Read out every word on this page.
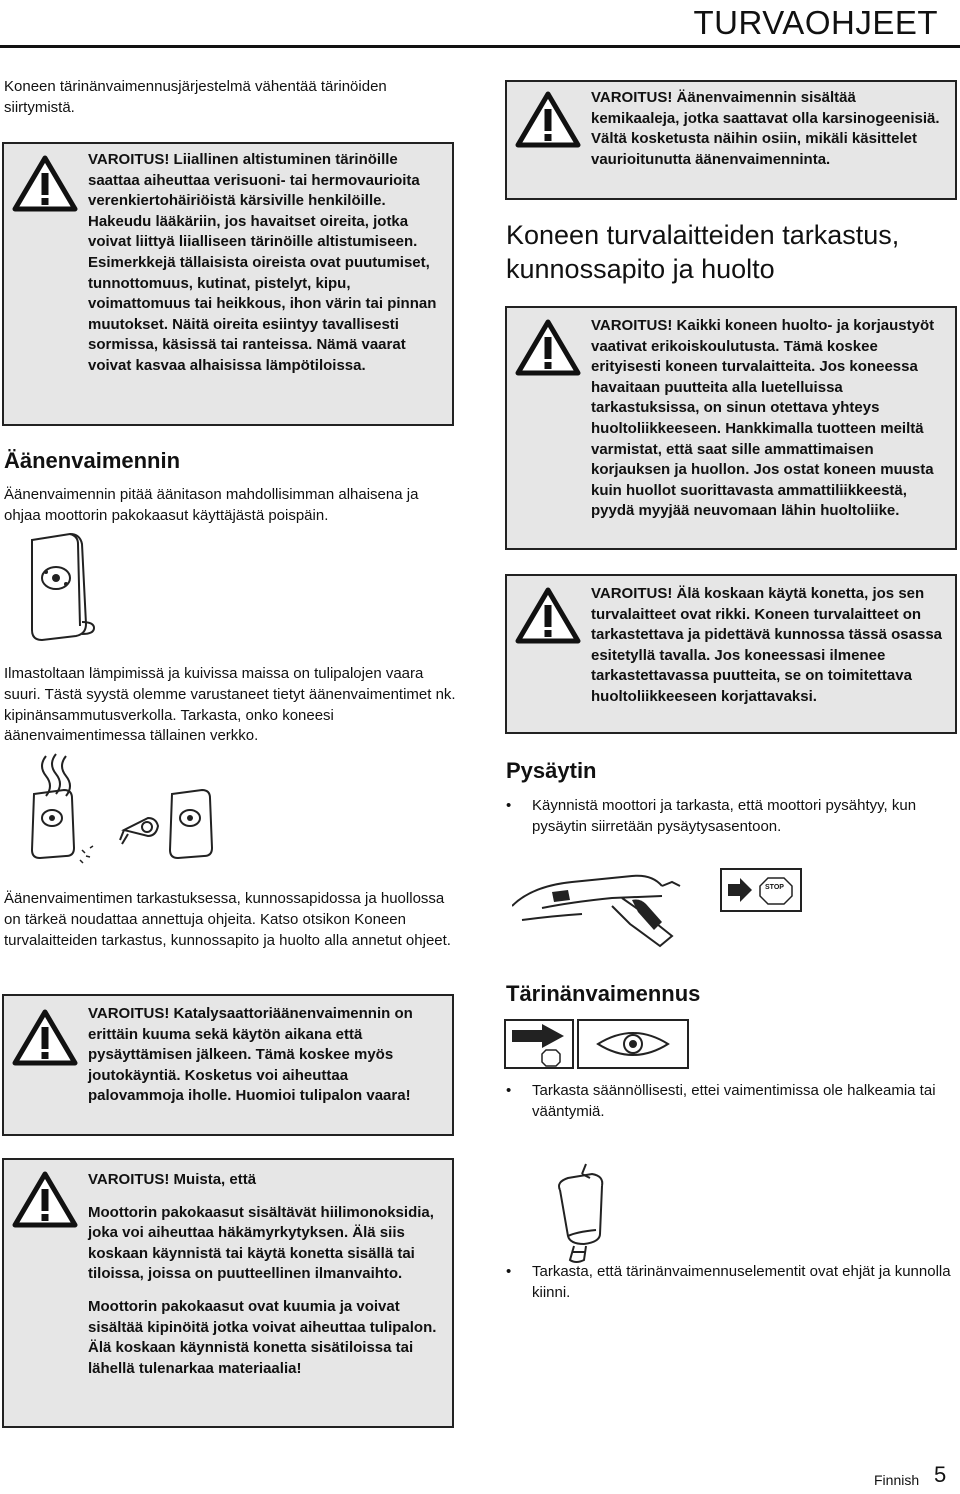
TURVAOHJEET

Koneen tärinänvaimennusjärjestelmä vähentää tärinöiden siirtymistä.

VAROITUS! Liiallinen altistuminen tärinöille saattaa aiheuttaa verisuoni- tai hermovaurioita verenkiertohäiriöistä kärsiville henkilöille. Hakeudu lääkäriin, jos havaitset oireita, jotka voivat liittyä liialliseen tärinöille altistumiseen. Esimerkkejä tällaisista oireista ovat puutumiset, tunnottomuus, kutinat, pistelyt, kipu, voimattomuus tai heikkous, ihon värin tai pinnan muutokset. Näitä oireita esiintyy tavallisesti sormissa, käsissä tai ranteissa. Nämä vaarat voivat kasvaa alhaisissa lämpötiloissa.
Äänenvaimennin

Äänenvaimennin pitää äänitason mahdollisimman alhaisena ja ohjaa moottorin pakokaasut käyttäjästä poispäin.

Ilmastoltaan lämpimissä ja kuivissa maissa on tulipalojen vaara suuri. Tästä syystä olemme varustaneet tietyt äänenvaimentimet nk. kipinänsammutusverkolla. Tarkasta, onko koneesi äänenvaimentimessa tällainen verkko.

Äänenvaimentimen tarkastuksessa, kunnossapidossa ja huollossa on tärkeä noudattaa annettuja ohjeita. Katso otsikon Koneen turvalaitteiden tarkastus, kunnossapito ja huolto alla annetut ohjeet.

VAROITUS! Katalysaattoriäänenvaimennin on erittäin kuuma sekä käytön aikana että pysäyttämisen jälkeen. Tämä koskee myös joutokäyntiä. Kosketus voi aiheuttaa palovammoja iholle. Huomioi tulipalon vaara!

VAROITUS! Muista, että

Moottorin pakokaasut sisältävät hiilimonoksidia, joka voi aiheuttaa häkämyrkytyksen. Älä siis koskaan käynnistä tai käytä konetta sisällä tai tiloissa, joissa on puutteellinen ilmanvaihto.

Moottorin pakokaasut ovat kuumia ja voivat sisältää kipinöitä jotka voivat aiheuttaa tulipalon. Älä koskaan käynnistä konetta sisätiloissa tai lähellä tulenarkaa materiaalia!

VAROITUS! Äänenvaimennin sisältää kemikaaleja, jotka saattavat olla karsinogeenisiä. Vältä kosketusta näihin osiin, mikäli käsittelet vaurioitunutta äänenvaimenninta.
Koneen turvalaitteiden tarkastus, kunnossapito ja huolto
VAROITUS! Kaikki koneen huolto- ja korjaustyöt vaativat erikoiskoulutusta. Tämä koskee erityisesti koneen turvalaitteita. Jos koneessa havaitaan puutteita alla luetelluissa tarkastuksissa, on sinun otettava yhteys huoltoliikkeeseen. Hankkimalla tuotteen meiltä varmistat, että saat sille ammattimaisen korjauksen ja huollon. Jos ostat koneen muusta kuin huollot suorittavasta ammattiliikkeestä, pyydä myyjää neuvomaan lähin huoltoliike.
VAROITUS! Älä koskaan käytä konetta, jos sen turvalaitteet ovat rikki. Koneen turvalaitteet on tarkastettava ja pidettävä kunnossa tässä osassa esitetyllä tavalla. Jos koneessasi ilmenee tarkastettavassa puutteita, se on toimitettava huoltoliikkeeseen korjattavaksi.
Pysäytin

• Käynnistä moottori ja tarkasta, että moottori pysähtyy, kun pysäytin siirretään pysäytysasentoon.

STOP
Tärinänvaimennus

• Tarkasta säännöllisesti, ettei vaimentimissa ole halkeamia tai vääntymiä.

• Tarkasta, että tärinänvaimennuselementit ovat ehjät ja kunnolla kiinni.

Finnish 5
